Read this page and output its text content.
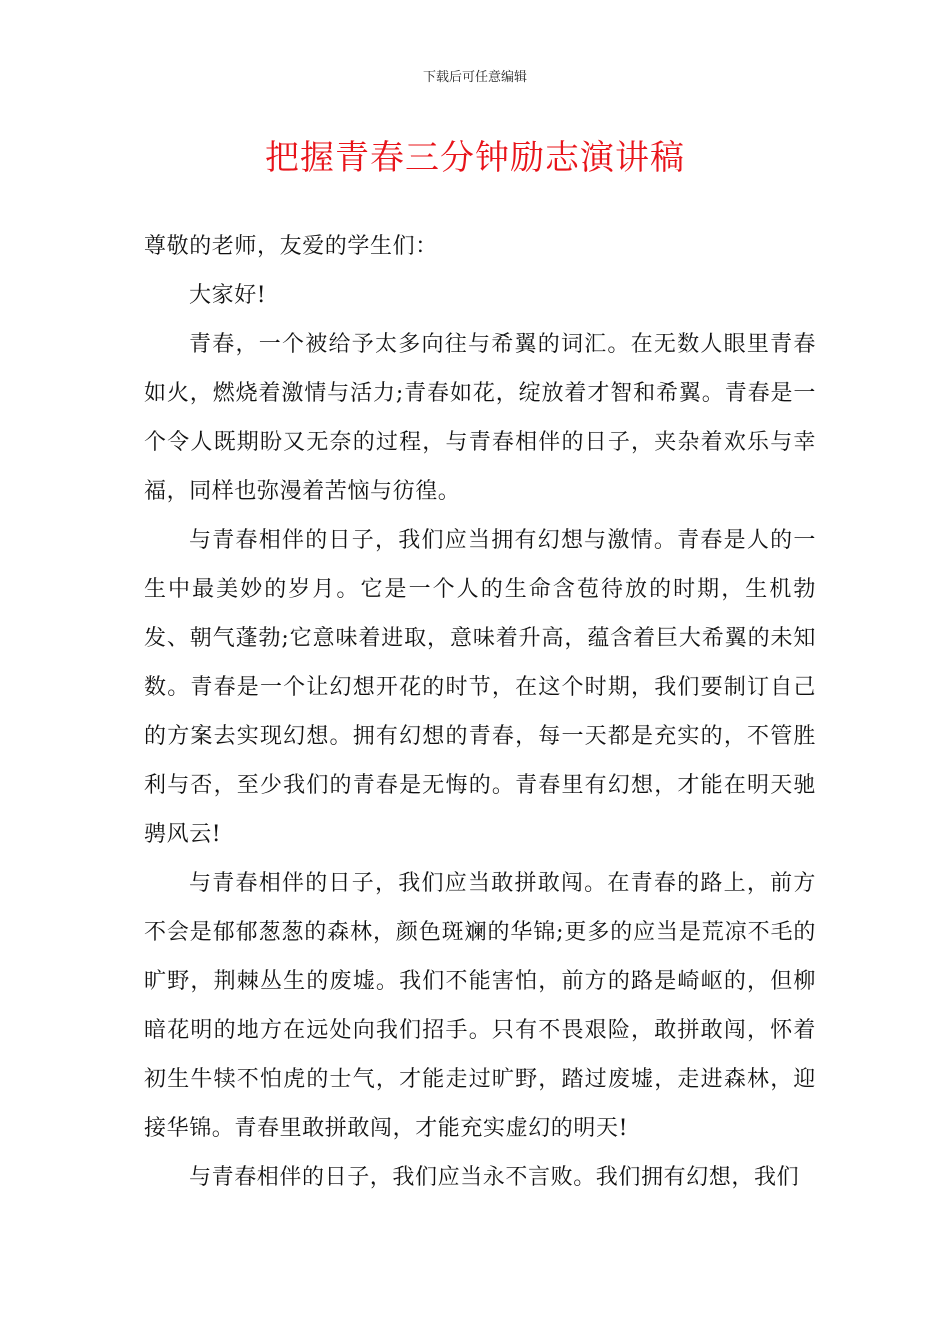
下载后可任意编辑
把握青春三分钟励志演讲稿

尊敬的老师，友爱的学生们：

大家好!

青春，一个被给予太多向往与希翼的词汇。在无数人眼里青春如火，燃烧着激情与活力;青春如花，绽放着才智和希翼。青春是一个令人既期盼又无奈的过程，与青春相伴的日子，夹杂着欢乐与幸福，同样也弥漫着苦恼与彷徨。

与青春相伴的日子，我们应当拥有幻想与激情。青春是人的一生中最美妙的岁月。它是一个人的生命含苞待放的时期，生机勃发、朝气蓬勃;它意味着进取，意味着升高，蕴含着巨大希翼的未知数。青春是一个让幻想开花的时节，在这个时期，我们要制订自己的方案去实现幻想。拥有幻想的青春，每一天都是充实的，不管胜利与否，至少我们的青春是无悔的。青春里有幻想，才能在明天驰骋风云!

与青春相伴的日子，我们应当敢拼敢闯。在青春的路上，前方不会是郁郁葱葱的森林，颜色斑斓的华锦;更多的应当是荒凉不毛的旷野，荆棘丛生的废墟。我们不能害怕，前方的路是崎岖的，但柳暗花明的地方在远处向我们招手。只有不畏艰险，敢拼敢闯，怀着初生牛犊不怕虎的士气，才能走过旷野，踏过废墟，走进森林，迎接华锦。青春里敢拼敢闯，才能充实虚幻的明天!

与青春相伴的日子，我们应当永不言败。我们拥有幻想，我们
